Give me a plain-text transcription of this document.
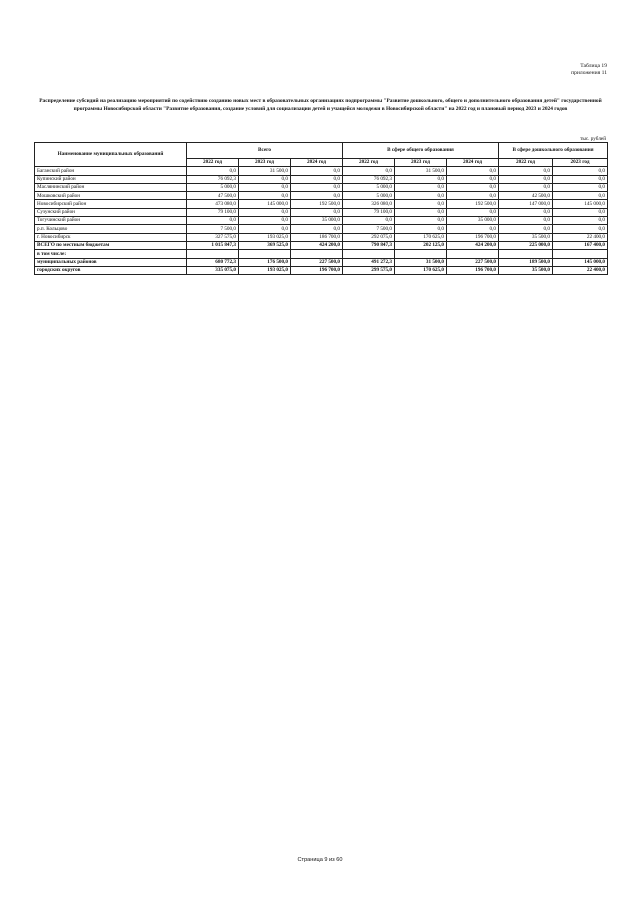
Таблица 19
приложения 11
Распределение субсидий на реализацию мероприятий по содействию созданию новых мест в образовательных организациях подпрограммы "Развитие дошкольного, общего и дополнительного образования детей" государственной программы Новосибирской области "Развитие образования, создание условий для социализации детей и учащейся молодежи в Новосибирской области" на 2022 год и плановый период 2023 и 2024 годов
тыс. рублей
Наименование муниципальных образований	Всего			В сфере общего образования			В сфере дошкольного образования	
	2022 год	2023 год	2024 год	2022 год	2023 год	2024 год	2022 год	2023 год
Баганский район	0,0	31 500,0	0,0	0,0	31 500,0	0,0	0,0	0,0
Купинский район	76 092,3	0,0	0,0	76 092,3	0,0	0,0	0,0	0,0
Маслянинский район	5 000,0	0,0	0,0	5 000,0	0,0	0,0	0,0	0,0
Мошковский район	47 500,0	0,0	0,0	5 000,0	0,0	0,0	42 500,0	0,0
Новосибирский район	473 080,0	145 000,0	192 500,0	326 080,0	0,0	192 500,0	147 000,0	145 000,0
Сузунский район	79 100,0	0,0	0,0	79 100,0	0,0	0,0	0,0	0,0
Тогучинский район	0,0	0,0	35 000,0	0,0	0,0	35 000,0	0,0	0,0
р.п. Кольцово	7 500,0	0,0	0,0	7 500,0	0,0	0,0	0,0	0,0
г. Новосибирск	327 575,0	193 025,0	186 700,0	292 075,0	170 625,0	196 700,0	35 500,0	22 400,0
ВСЕГО по местным бюджетам	1 015 847,3	369 525,0	424 200,0	790 847,3	202 125,0	424 200,0	225 000,0	167 400,0
в том числе:								
муниципальных районов	680 772,3	176 500,0	227 500,0	491 272,3	31 500,0	227 500,0	189 500,0	145 000,0
городских округов	335 075,0	193 025,0	196 700,0	299 575,0	170 625,0	196 700,0	35 500,0	22 400,0
Страница 9 из 60
